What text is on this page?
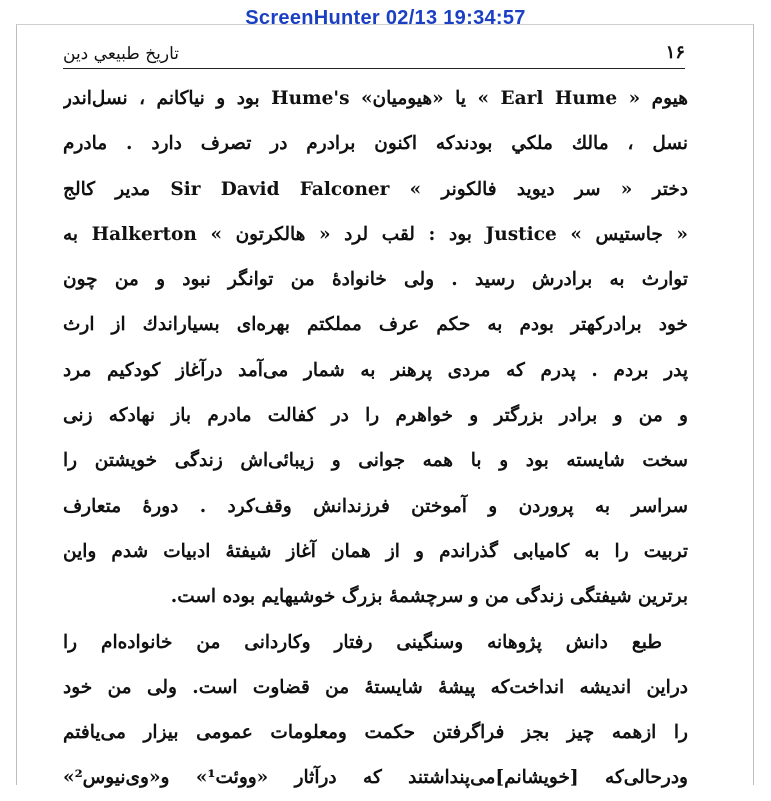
ScreenHunter 02/13 19:34:57
تاريخ طبيعي دين	۱۶
هيوم « Earl Hume » يا «هيوميان» Hume's بود و نياكانم ، نسل‌اندر
نسل ، مالك ملكي بودندكه اكنون برادرم در تصرف دارد . مادرم
دختر « سر ديويد فالكونر » Sir David Falconer مدير كالج
« جاستيس » Justice بود : لقب لرد « هالكرتون » Halkerton به
توارث به برادرش رسيد . ولى خانوادهٔ من توانگر نبود و من چون
خود برادركهتر بودم به حكم عرف مملكتم بهره‌اى بسياراندك از ارث
پدر بردم . پدرم كه مردى پرهنر به شمار مى‌آمد درآغاز كودكيم مرد
و من و برادر بزرگتر و خواهرم را در كفالت مادرم باز نهادكه زنى
سخت شايسته بود و با همه جوانى و زيبائى‌اش زندگى خويشتن را
سراسر به پروردن و آموختن فرزندانش وقف‌كرد . دورهٔ متعارف
تربيت را به كاميابى گذراندم و از همان آغاز شيفتهٔ ادبيات شدم واين
برترين شيفتگى زندگى من و سرچشمهٔ بزرگ خوشيهايم بوده است.
طبع دانش پژوهانه وسنگينى رفتار وكاردانى من خانواده‌ام را
دراين انديشه انداخت‌كه پيشهٔ شايستهٔ من قضاوت است. ولى من خود
را ازهمه چيز بجز فراگرفتن حكمت ومعلومات عمومى بيزار مى‌يافتم
ودرحالى‌كه [خويشانم]مى‌پنداشتند كه درآثار «ووئت¹» و«وى‌نيوس²»
